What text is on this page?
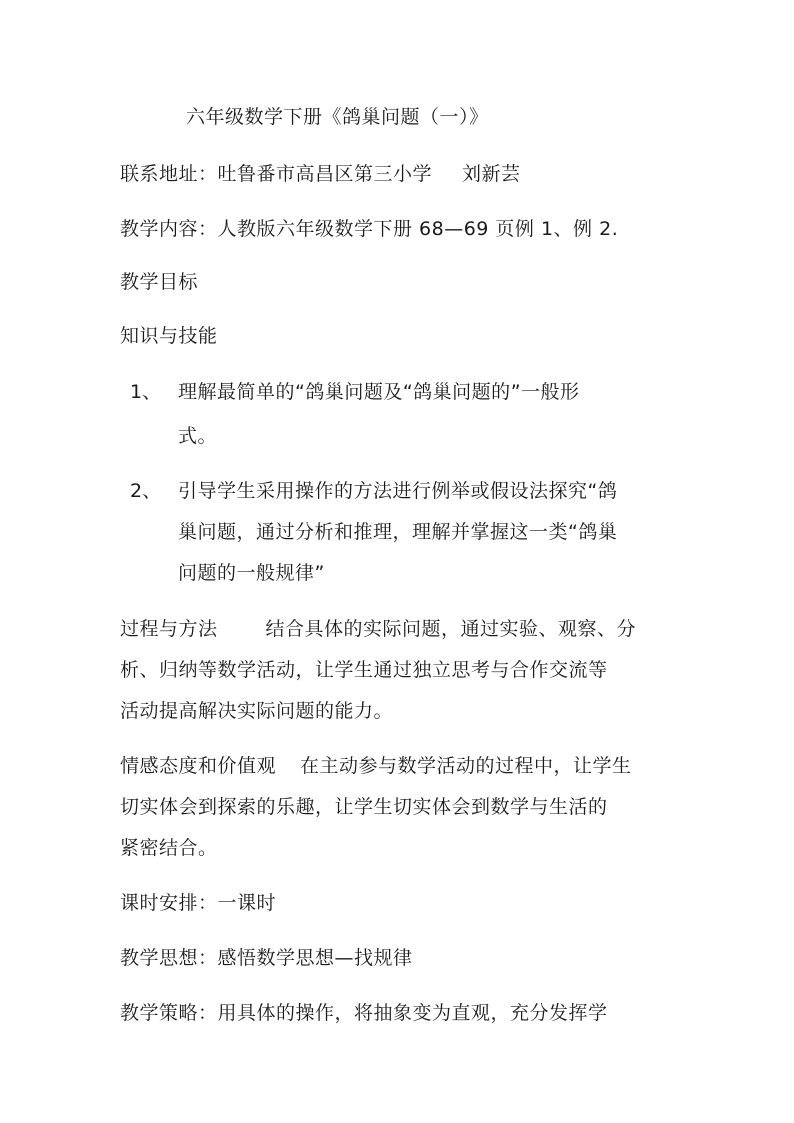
六年级数学下册《鸽巢问题（一）》
联系地址：吐鲁番市高昌区第三小学 刘新芸
教学内容：人教版六年级数学下册 68—69 页例 1、例 2.
教学目标
知识与技能
1、 理解最简单的“鸽巢问题及“鸽巢问题的”一般形
式。
2、 引导学生采用操作的方法进行例举或假设法探究“鸽
巢问题，通过分析和推理，理解并掌握这一类“鸽巢
问题的一般规律”
过程与方法	结合具体的实际问题，通过实验、观察、分
析、归纳等数学活动，让学生通过独立思考与合作交流等
活动提高解决实际问题的能力。
情感态度和价值观 在主动参与数学活动的过程中，让学生
切实体会到探索的乐趣，让学生切实体会到数学与生活的
紧密结合。
课时安排：一课时
教学思想：感悟数学思想—找规律
教学策略：用具体的操作，将抽象变为直观，充分发挥学
